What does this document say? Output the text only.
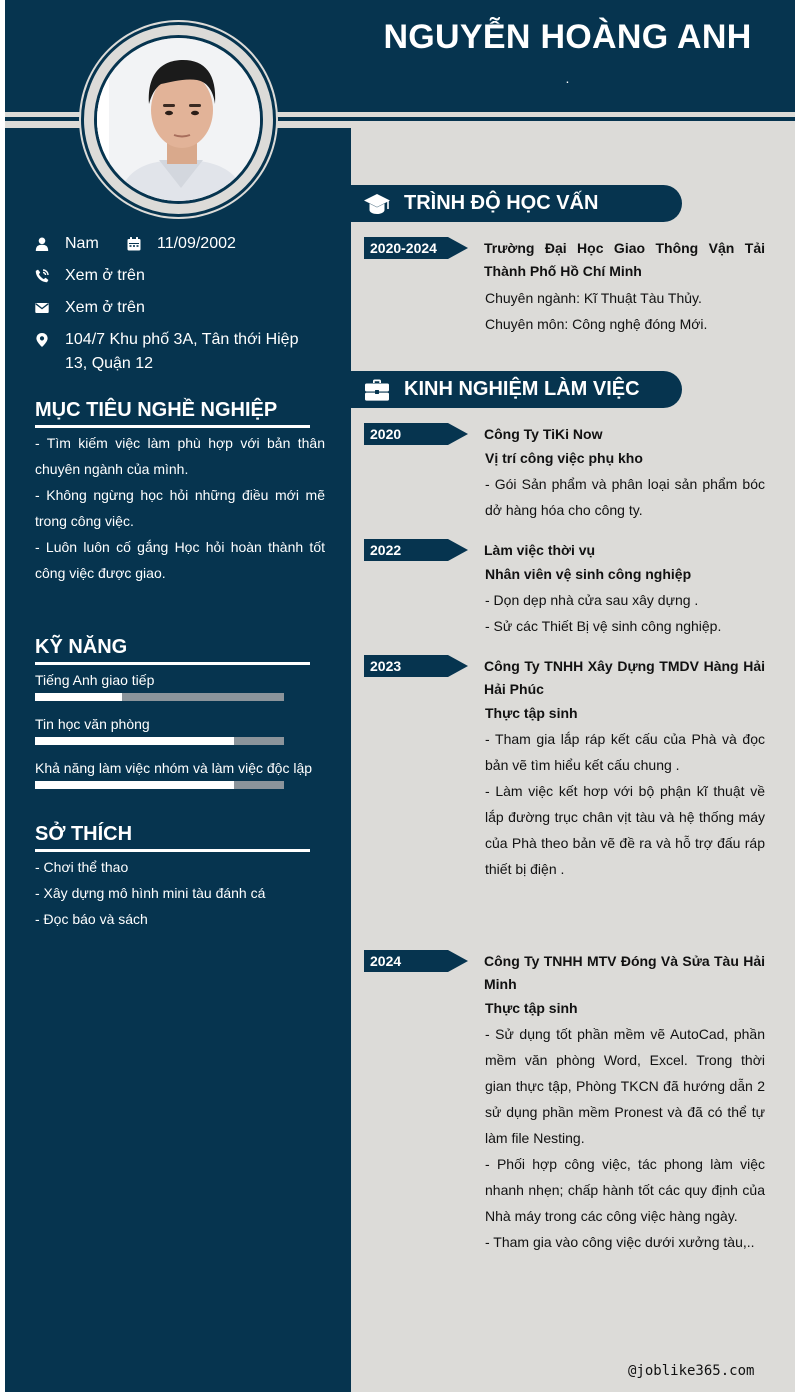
NGUYỄN HOÀNG ANH
.
Nam	11/09/2002
Xem ở trên
Xem ở trên
104/7 Khu phố 3A, Tân thới Hiệp 13, Quận 12
MỤC TIÊU NGHỀ NGHIỆP

- Tìm kiếm việc làm phù hợp với bản thân chuyên ngành của mình.

- Không ngừng học hỏi những điều mới mẽ trong công việc.

- Luôn luôn cố gắng Học hỏi hoàn thành tốt công việc được giao.

KỸ NĂNG
Tiếng Anh giao tiếp
Tin học văn phòng
Khả năng làm việc nhóm và làm việc độc lập
SỞ THÍCH
- Chơi thể thao
- Xây dựng mô hình mini tàu đánh cá
- Đọc báo và sách
TRÌNH ĐỘ HỌC VẤN
2020-2024	Trường Đại Học Giao Thông Vận Tải Thành Phố Hồ Chí Minh
Chuyên ngành: Kĩ Thuật Tàu Thủy.
Chuyên môn: Công nghệ đóng Mới.
KINH NGHIỆM LÀM VIỆC
2020	Công Ty TiKi Now
Vị trí công việc phụ kho
- Gói Sản phẩm và phân loại sản phẩm bóc dở hàng hóa cho công ty.
2022	Làm việc thời vụ
Nhân viên vệ sinh công nghiệp
- Dọn dẹp nhà cửa sau xây dựng .
- Sử các Thiết Bị vệ sinh công nghiệp.
2023	Công Ty TNHH Xây Dựng TMDV Hàng Hải Hải Phúc
Thực tập sinh
- Tham gia lắp ráp kết cấu của Phà và đọc bản vẽ tìm hiểu kết cấu chung .
- Làm việc kết hơp với bộ phận kĩ thuật về lắp đường trục chân vịt tàu và hệ thống máy của Phà theo bản vẽ đề ra và hỗ trợ đấu ráp thiết bị điện .
2024	Công Ty TNHH MTV Đóng Và Sửa Tàu Hải Minh
Thực tập sinh
- Sử dụng tốt phần mềm vẽ AutoCad, phần mềm văn phòng Word, Excel. Trong thời gian thực tập, Phòng TKCN đã hướng dẫn 2 sử dụng phần mềm Pronest và đã có thể tự làm file Nesting.
- Phối hợp công việc, tác phong làm việc nhanh nhẹn; chấp hành tốt các quy định của Nhà máy trong các công việc hàng ngày.
- Tham gia vào công việc dưới xưởng tàu,..
@joblike365.com
